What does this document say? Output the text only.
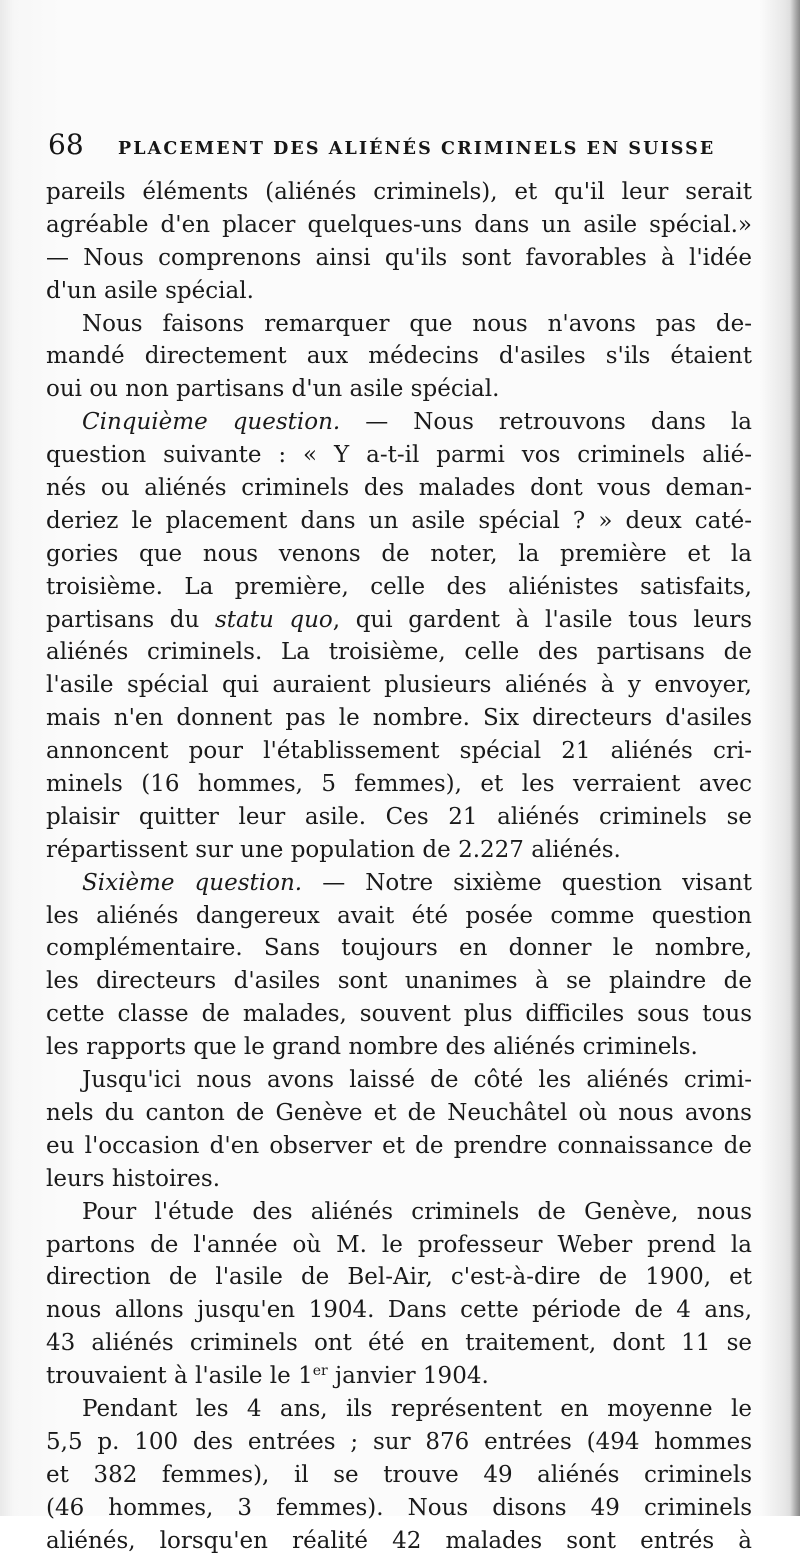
68	PLACEMENT DES ALIÉNÉS CRIMINELS EN SUISSE
pareils éléments (aliénés criminels), et qu'il leur serait
agréable d'en placer quelques-uns dans un asile spécial.»
— Nous comprenons ainsi qu'ils sont favorables à l'idée
d'un asile spécial.
Nous faisons remarquer que nous n'avons pas de-
mandé directement aux médecins d'asiles s'ils étaient
oui ou non partisans d'un asile spécial.
Cinquième question. — Nous retrouvons dans la
question suivante : « Y a-t-il parmi vos criminels alié-
nés ou aliénés criminels des malades dont vous deman-
deriez le placement dans un asile spécial ? » deux caté-
gories que nous venons de noter, la première et la
troisième. La première, celle des aliénistes satisfaits,
partisans du statu quo, qui gardent à l'asile tous leurs
aliénés criminels. La troisième, celle des partisans de
l'asile spécial qui auraient plusieurs aliénés à y envoyer,
mais n'en donnent pas le nombre. Six directeurs d'asiles
annoncent pour l'établissement spécial 21 aliénés cri-
minels (16 hommes, 5 femmes), et les verraient avec
plaisir quitter leur asile. Ces 21 aliénés criminels se
répartissent sur une population de 2.227 aliénés.
Sixième question. — Notre sixième question visant
les aliénés dangereux avait été posée comme question
complémentaire. Sans toujours en donner le nombre,
les directeurs d'asiles sont unanimes à se plaindre de
cette classe de malades, souvent plus difficiles sous tous
les rapports que le grand nombre des aliénés criminels.
Jusqu'ici nous avons laissé de côté les aliénés crimi-
nels du canton de Genève et de Neuchâtel où nous avons
eu l'occasion d'en observer et de prendre connaissance de
leurs histoires.
Pour l'étude des aliénés criminels de Genève, nous
partons de l'année où M. le professeur Weber prend la
direction de l'asile de Bel-Air, c'est-à-dire de 1900, et
nous allons jusqu'en 1904. Dans cette période de 4 ans,
43 aliénés criminels ont été en traitement, dont 11 se
trouvaient à l'asile le 1er janvier 1904.
Pendant les 4 ans, ils représentent en moyenne le
5,5 p. 100 des entrées ; sur 876 entrées (494 hommes
et 382 femmes), il se trouve 49 aliénés criminels
(46 hommes, 3 femmes). Nous disons 49 criminels
aliénés, lorsqu'en réalité 42 malades sont entrés à
